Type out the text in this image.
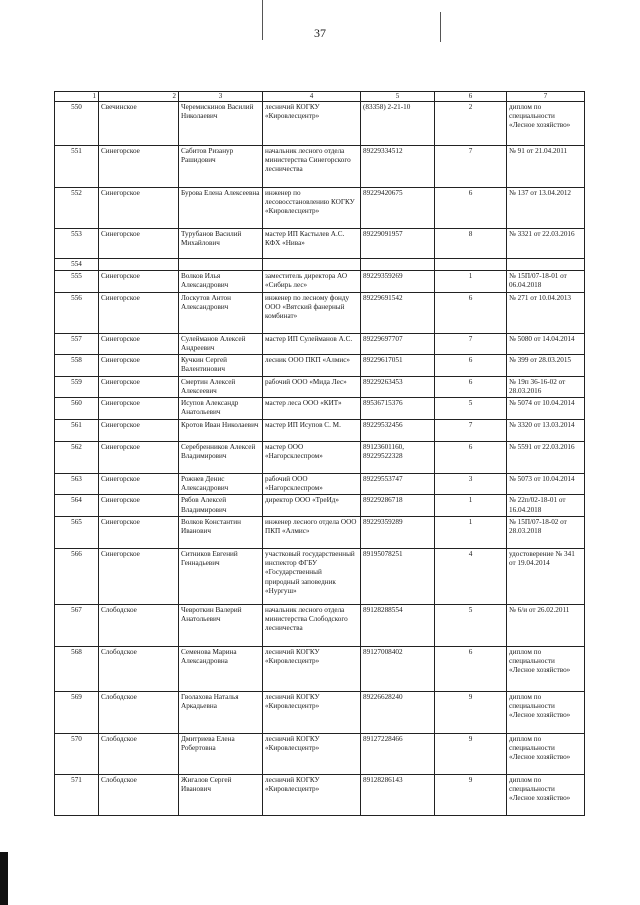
37
1	2	3	4	5	6	7
550	Свечинское	Черемискинов Василий Николаевич	лесничий КОГКУ «Кировлесцентр»	(83358) 2-21-10	2	диплом по специальности «Лесное хозяйство»
551	Синегорское	Сабитов Ризанур Рашидович	начальник лесного отдела министерства Синегорского лесничества	89229334512	7	№ 91 от 21.04.2011
552	Синегорское	Бурова Елена Алексеевна	инженер по лесовосстановлению КОГКУ «Кировлесцентр»	89229420675	6	№ 137 от 13.04.2012
553	Синегорское	Турубанов Василий Михайлович	мастер ИП Кастылев А.С. КФХ «Нива»	89229091957	8	№ 3321 от 22.03.2016
554						
555	Синегорское	Волков Илья Александрович	заместитель директора АО «Сибирь лес»	89229359269	1	№ 15П/07-18-01 от 06.04.2018
556	Синегорское	Лоскутов Антон Александрович	инженер по лесному фонду ООО «Вятский фанерный комбинат»	89229691542	6	№ 271 от 10.04.2013
557	Синегорское	Сулейманов Алексей Андреевич	мастер ИП Сулейманов А.С.	89229697707	7	№ 5080 от 14.04.2014
558	Синегорское	Кучкин Сергей Валентинович	лесник ООО ПКП «Алмис»	89229617051	6	№ 399 от 28.03.2015
559	Синегорское	Смертин Алексей Алексеевич	рабочий ООО «Мида Лес»	89229263453	6	№ 19п 36-16-02 от 28.03.2016
560	Синегорское	Исупов Александр Анатольевич	мастер леса ООО «КИТ»	89536715376	5	№ 5074 от 10.04.2014
561	Синегорское	Кротов Иван Николаевич	мастер ИП Исупов С. М.	89229532456	7	№ 3320 от 13.03.2014
562	Синегорское	Серебренников Алексей Владимирович	мастер ООО «Нагорсклеспром»	89123601160, 89229522328	6	№ 5591 от 22.03.2016
563	Синегорское	Рожнев Денис Александрович	рабочий ООО «Нагорсклеспром»	89229553747	3	№ 5073 от 10.04.2014
564	Синегорское	Рябов Алексей Владимирович	директор ООО «ТреИд»	89229286718	1	№ 22п/02-18-01 от 16.04.2018
565	Синегорское	Волков Константин Иванович	инженер лесного отдела ООО ПКП «Алмис»	89229359289	1	№ 15П/07-18-02 от 28.03.2018
566	Синегорское	Ситников Евгений Геннадьевич	участковый государственный инспектор ФГБУ «Государственный природный заповедник «Нургуш»	89195078251	4	удостоверение № 341 от 19.04.2014
567	Слободское	Чевроткин Валерий Анатольевич	начальник лесного отдела министерства Слободского лесничества	89128288554	5	№ 6/и от 26.02.2011
568	Слободское	Семенова Марина Александровна	лесничий КОГКУ «Кировлесцентр»	89127008402	6	диплом по специальности «Лесное хозяйство»
569	Слободское	Гволахова Наталья Аркадьевна	лесничий КОГКУ «Кировлесцентр»	89226628240	9	диплом по специальности «Лесное хозяйство»
570	Слободское	Дмитриева Елена Робертовна	лесничий КОГКУ «Кировлесцентр»	89127228466	9	диплом по специальности «Лесное хозяйство»
571	Слободское	Жигалов Сергей Иванович	лесничий КОГКУ «Кировлесцентр»	89128286143	9	диплом по специальности «Лесное хозяйство»
